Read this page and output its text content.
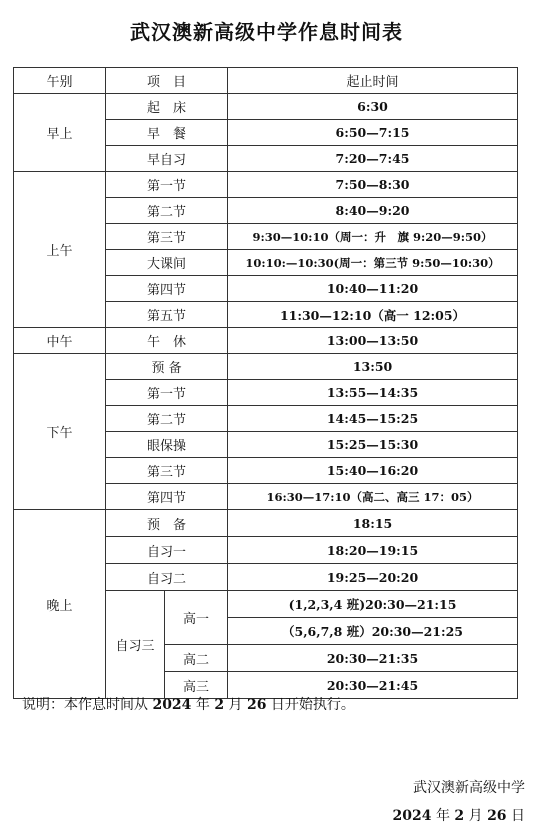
武汉澳新高级中学作息时间表
午别	项　目		起止时间
早上	起　床		6:30
	早　餐		6:50—7:15
	早自习		7:20—7:45
上午	第一节		7:50—8:30
	第二节		8:40—9:20
	第三节		9:30—10:10（周一：升　旗 9:20—9:50）
	大课间		10:10:—10:30(周一：第三节 9:50—10:30）
	第四节		10:40—11:20
	第五节		11:30—12:10（高一 12:05）
中午	午　休		13:00—13:50
下午	预 备		13:50
	第一节		13:55—14:35
	第二节		14:45—15:25
	眼保操		15:25—15:30
	第三节		15:40—16:20
	第四节		16:30—17:10（高二、高三 17：05）
晚上	预　备		18:15
	自习一		18:20—19:15
	自习二		19:25—20:20
	自习三	高一	(1,2,3,4 班)20:30—21:15
			（5,6,7,8 班）20:30—21:25
		高二	20:30—21:35
		高三	20:30—21:45
说明：本作息时间从 2024 年 2 月 26 日开始执行。
武汉澳新高级中学
2024 年 2 月 26 日
